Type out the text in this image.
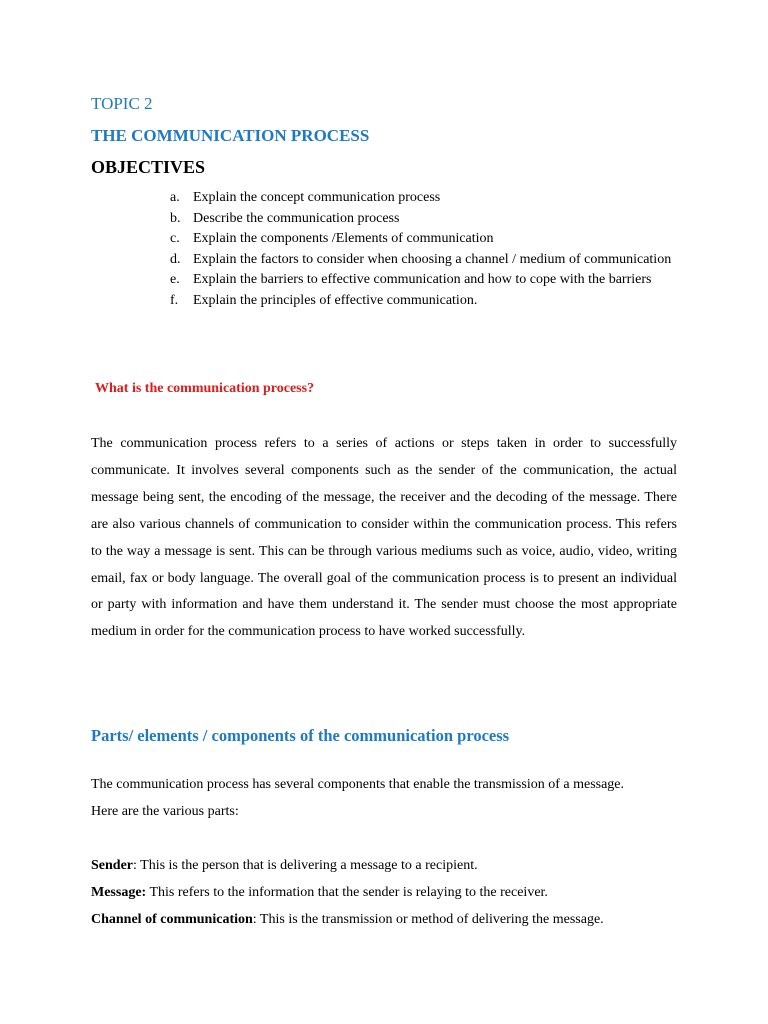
TOPIC 2
THE COMMUNICATION PROCESS
OBJECTIVES
a. Explain the concept communication process
b. Describe the communication process
c. Explain the components /Elements of communication
d. Explain the factors to consider when choosing a channel / medium of communication
e. Explain the barriers to effective communication and how to cope with the barriers
f.	Explain the principles of effective communication.
What is the communication process?

The communication process refers to a series of actions or steps taken in order to successfully communicate. It involves several components such as the sender of the communication, the actual message being sent, the encoding of the message, the receiver and the decoding of the message. There are also various channels of communication to consider within the communication process. This refers to the way a message is sent. This can be through various mediums such as voice, audio, video, writing email, fax or body language. The overall goal of the communication process is to present an individual or party with information and have them understand it. The sender must choose the most appropriate medium in order for the communication process to have worked successfully.

Parts/ elements / components of the communication process
The communication process has several components that enable the transmission of a message.
Here are the various parts:
Sender: This is the person that is delivering a message to a recipient.
Message: This refers to the information that the sender is relaying to the receiver.
Channel of communication: This is the transmission or method of delivering the message.
